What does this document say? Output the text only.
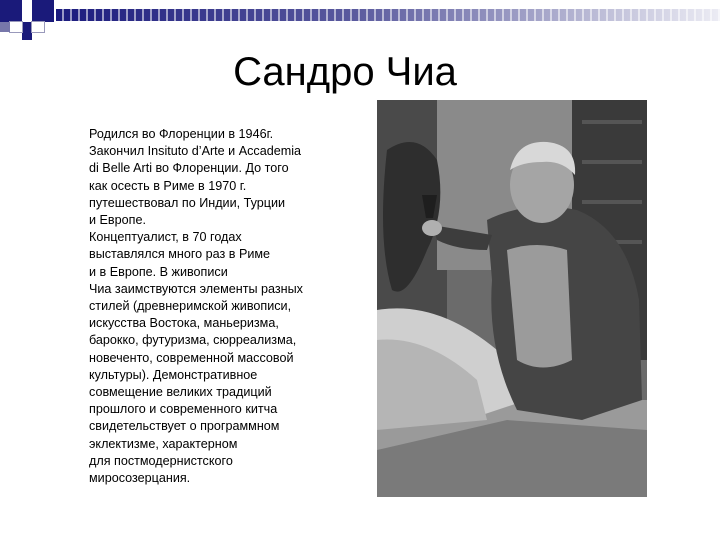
Сандро Чиа
Родился во Флоренции в 1946г.
Закончил Insituto d’Arte и Accademia
di Belle Arti во Флоренции. До того
как осесть в Риме в 1970 г.
путешествовал по Индии, Турции
и Европе.
Концептуалист, в 70 годах
выставлялся много раз в Риме
и в Европе. В живописи
Чиа заимствуются элементы разных
стилей (древнеримской живописи,
искусства Востока, маньеризма,
барокко, футуризма, сюрреализма,
новеченто, современной массовой
культуры). Демонстративное
совмещение великих традиций
прошлого и современного китча
свидетельствует о программном
эклектизме, характерном
для постмодернистского
миросозерцания.
